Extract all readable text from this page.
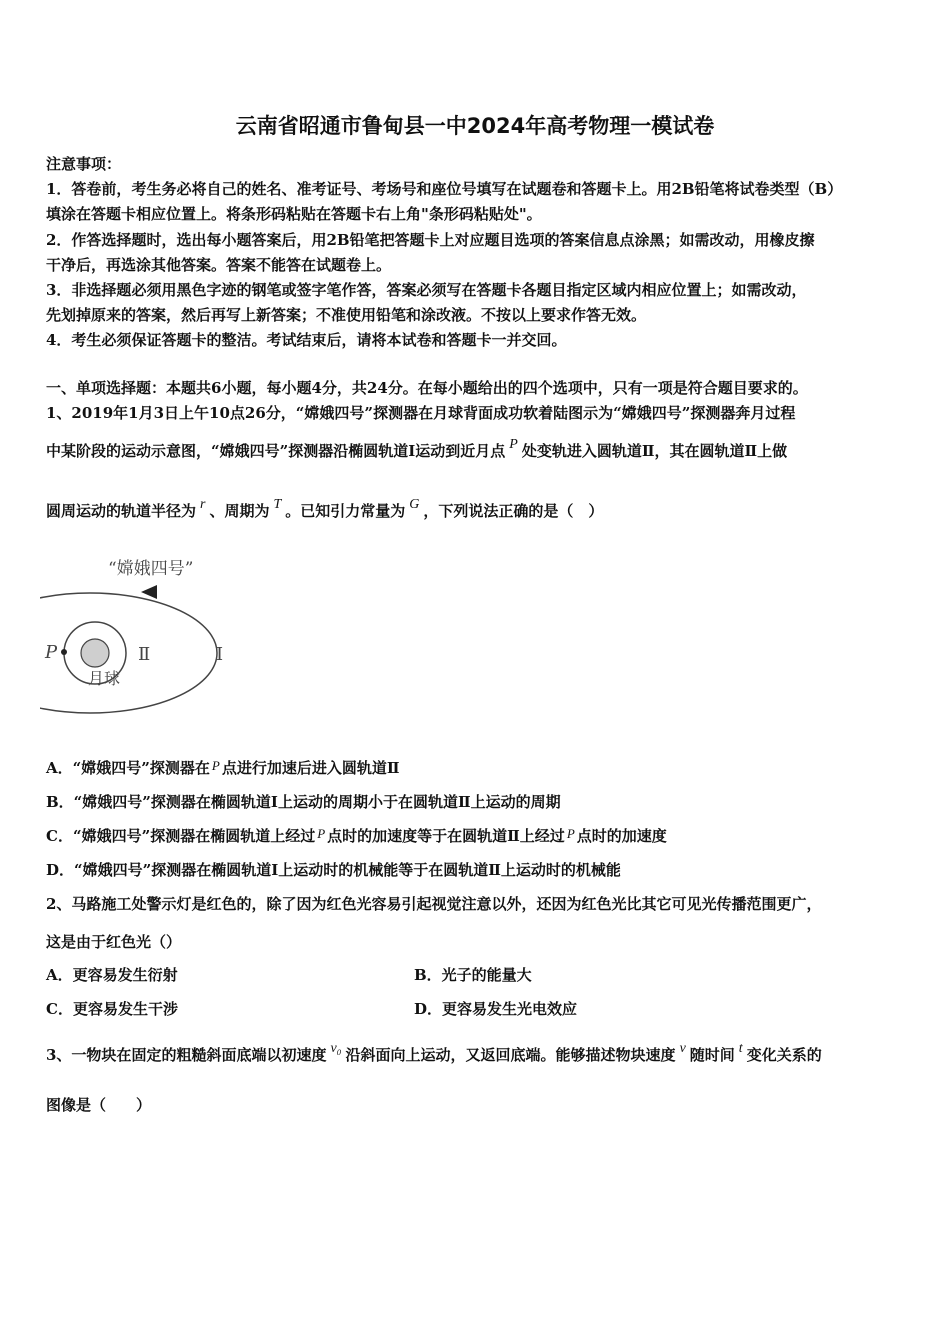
云南省昭通市鲁甸县一中2024年高考物理一模试卷
注意事项：
1．答卷前，考生务必将自己的姓名、准考证号、考场号和座位号填写在试题卷和答题卡上。用2B铅笔将试卷类型（B）
填涂在答题卡相应位置上。将条形码粘贴在答题卡右上角"条形码粘贴处"。
2．作答选择题时，选出每小题答案后，用2B铅笔把答题卡上对应题目选项的答案信息点涂黑；如需改动，用橡皮擦
干净后，再选涂其他答案。答案不能答在试题卷上。
3．非选择题必须用黑色字迹的钢笔或签字笔作答，答案必须写在答题卡各题目指定区域内相应位置上；如需改动，
先划掉原来的答案，然后再写上新答案；不准使用铅笔和涂改液。不按以上要求作答无效。
4．考生必须保证答题卡的整洁。考试结束后，请将本试卷和答题卡一并交回。
一、单项选择题：本题共6小题，每小题4分，共24分。在每小题给出的四个选项中，只有一项是符合题目要求的。
1、2019年1月3日上午10点26分，“嫦娥四号”探测器在月球背面成功软着陆图示为“嫦娥四号”探测器奔月过程
中某阶段的运动示意图，“嫦娥四号”探测器沿椭圆轨道Ⅰ运动到近月点 P 处变轨进入圆轨道Ⅱ，其在圆轨道Ⅱ上做
圆周运动的轨道半径为 r 、周期为 T 。已知引力常量为 G ，下列说法正确的是（　）
“嫦娥四号”
P	Ⅱ	Ⅰ
月球
A．“嫦娥四号”探测器在 P 点进行加速后进入圆轨道Ⅱ
B．“嫦娥四号”探测器在椭圆轨道Ⅰ上运动的周期小于在圆轨道Ⅱ上运动的周期
C．“嫦娥四号”探测器在椭圆轨道上经过 P 点时的加速度等于在圆轨道Ⅱ上经过 P 点时的加速度
D．“嫦娥四号”探测器在椭圆轨道Ⅰ上运动时的机械能等于在圆轨道Ⅱ上运动时的机械能
2、马路施工处警示灯是红色的，除了因为红色光容易引起视觉注意以外，还因为红色光比其它可见光传播范围更广，
这是由于红色光（）
A．更容易发生衍射	B．光子的能量大
C．更容易发生干涉	D．更容易发生光电效应
3、一物块在固定的粗糙斜面底端以初速度 v₀ 沿斜面向上运动，又返回底端。能够描述物块速度 v 随时间 t 变化关系的
图像是（　　）
